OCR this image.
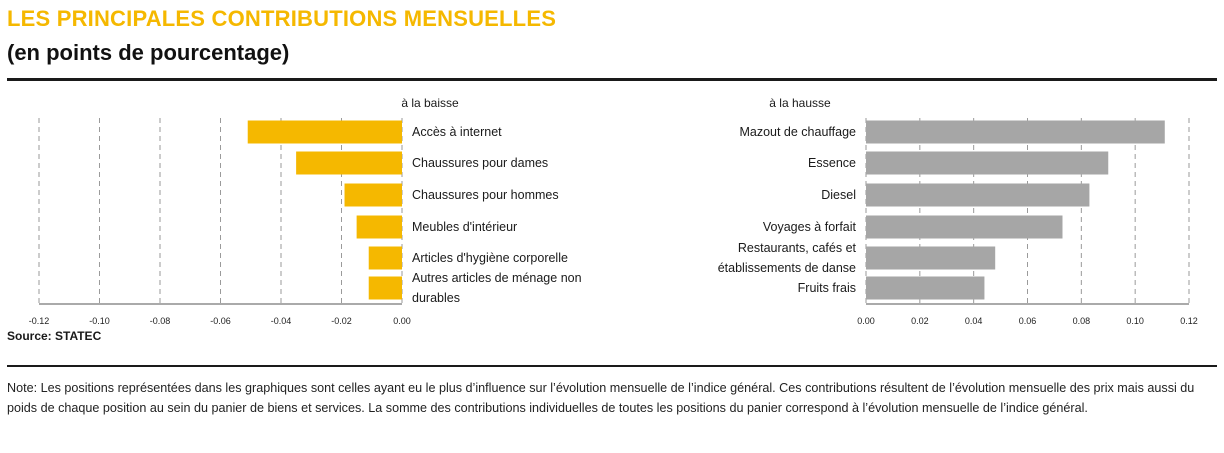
LES PRINCIPALES CONTRIBUTIONS MENSUELLES
(en points de pourcentage)
-0.12	-0.10	-0.08	-0.06	-0.04	-0.02	0.00
à la baisse
Accès à internet
Chaussures pour dames
Chaussures pour hommes
Meubles d'intérieur
Articles d'hygiène corporelle
Autres articles de ménage non
durables
0.00	0.02	0.04	0.06	0.08	0.10	0.12
à la hausse
Mazout de chauffage
Essence
Diesel
Voyages à forfait
Restaurants, cafés et
établissements de danse
Fruits frais
Source: STATEC
Note: Les positions représentées dans les graphiques sont celles ayant eu le plus d’influence sur l’évolution mensuelle de l’indice général. Ces contributions résultent de l’évolution mensuelle des prix mais aussi du poids de chaque position au sein du panier de biens et services. La somme des contributions individuelles de toutes les positions du panier correspond à l’évolution mensuelle de l’indice général.
